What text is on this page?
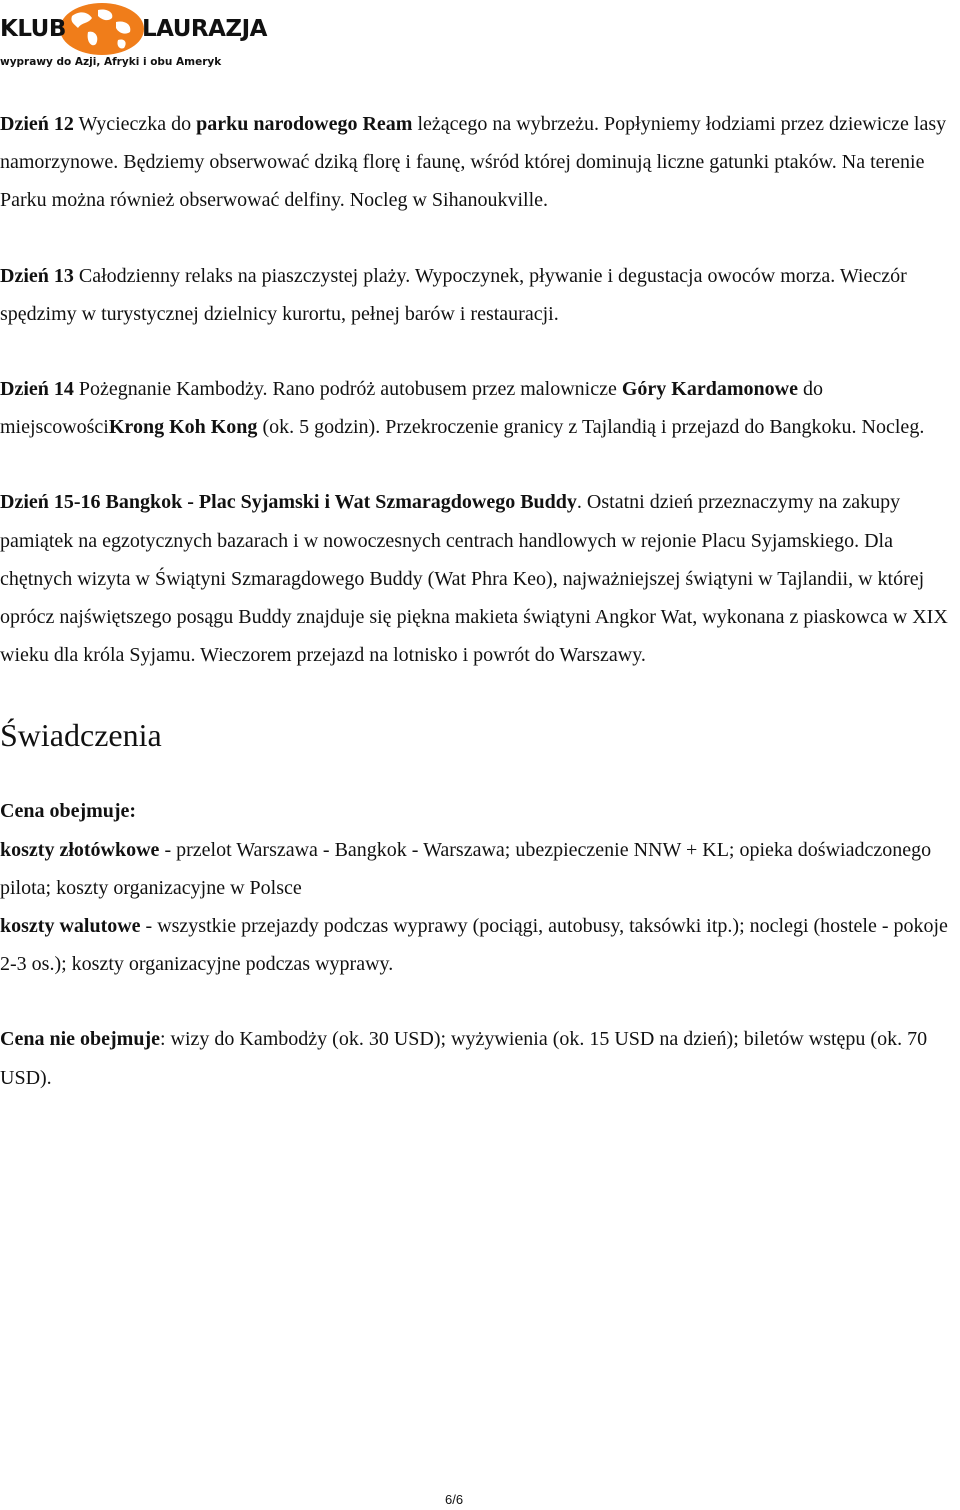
KLUB	LAURAZJA
wyprawy do Azji, Afryki i obu Ameryk

Dzień 12 Wycieczka do parku narodowego Ream leżącego na wybrzeżu. Popłyniemy łodziami przez dziewicze lasy namorzynowe. Będziemy obserwować dziką florę i faunę, wśród której dominują liczne gatunki ptaków. Na terenie Parku można również obserwować delfiny. Nocleg w Sihanoukville.

Dzień 13 Całodzienny relaks na piaszczystej plaży. Wypoczynek, pływanie i degustacja owoców morza. Wieczór spędzimy w turystycznej dzielnicy kurortu, pełnej barów i restauracji.

Dzień 14 Pożegnanie Kambodży. Rano podróż autobusem przez malownicze Góry Kardamonowe do miejscowościKrong Koh Kong (ok. 5 godzin). Przekroczenie granicy z Tajlandią i przejazd do Bangkoku. Nocleg.

Dzień 15-16 Bangkok - Plac Syjamski i Wat Szmaragdowego Buddy. Ostatni dzień przeznaczymy na zakupy pamiątek na egzotycznych bazarach i w nowoczesnych centrach handlowych w rejonie Placu Syjamskiego. Dla chętnych wizyta w Świątyni Szmaragdowego Buddy (Wat Phra Keo), najważniejszej świątyni w Tajlandii, w której oprócz najświętszego posągu Buddy znajduje się piękna makieta świątyni Angkor Wat, wykonana z piaskowca w XIX wieku dla króla Syjamu. Wieczorem przejazd na lotnisko i powrót do Warszawy.

Świadczenia
Cena obejmuje:
koszty złotówkowe - przelot Warszawa - Bangkok - Warszawa; ubezpieczenie NNW + KL; opieka doświadczonego pilota; koszty organizacyjne w Polsce
koszty walutowe - wszystkie przejazdy podczas wyprawy (pociągi, autobusy, taksówki itp.); noclegi (hostele - pokoje 2-3 os.); koszty organizacyjne podczas wyprawy.

Cena nie obejmuje: wizy do Kambodży (ok. 30 USD); wyżywienia (ok. 15 USD na dzień); biletów wstępu (ok. 70 USD).

6/6
